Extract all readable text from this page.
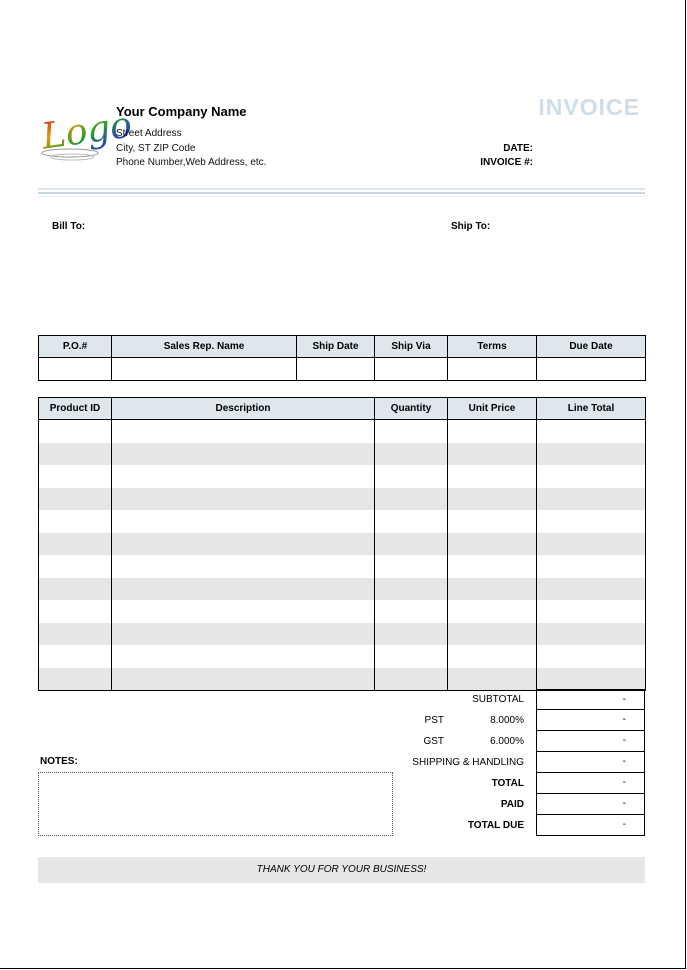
Logo
Your Company Name
Street Address
City, ST ZIP Code
Phone Number,Web Address, etc.
INVOICE
DATE:
INVOICE #:
Bill To:	Ship To:
P.O.#	Sales Rep. Name	Ship Date	Ship Via	Terms	Due Date

Product ID	Description	Quantity	Unit Price	Line Total

SUBTOTAL	-
PST	8.000%	-
GST	6.000%	-
SHIPPING & HANDLING	-
TOTAL	-
PAID	-
TOTAL DUE	-
NOTES:
THANK YOU FOR YOUR BUSINESS!
